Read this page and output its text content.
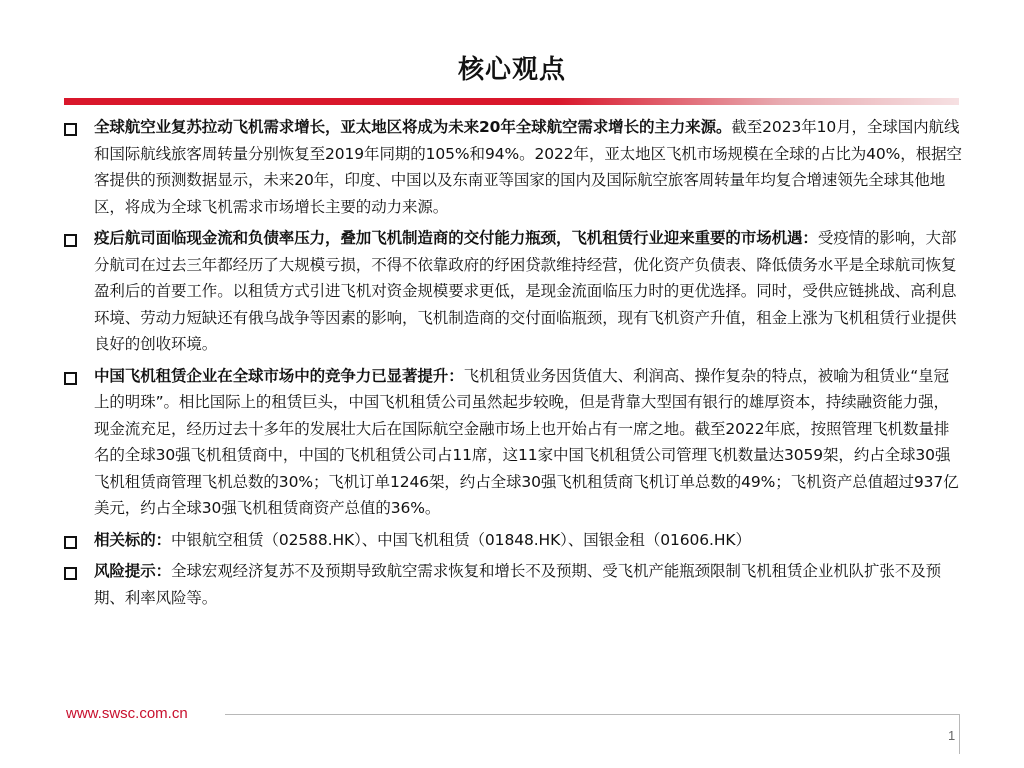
核心观点

全球航空业复苏拉动飞机需求增长，亚太地区将成为未来20年全球航空需求增长的主力来源。截至2023年10月，全球国内航线和国际航线旅客周转量分别恢复至2019年同期的105%和94%。2022年，亚太地区飞机市场规模在全球的占比为40%，根据空客提供的预测数据显示，未来20年，印度、中国以及东南亚等国家的国内及国际航空旅客周转量年均复合增速领先全球其他地区，将成为全球飞机需求市场增长主要的动力来源。

疫后航司面临现金流和负债率压力，叠加飞机制造商的交付能力瓶颈，飞机租赁行业迎来重要的市场机遇：受疫情的影响，大部分航司在过去三年都经历了大规模亏损，不得不依靠政府的纾困贷款维持经营，优化资产负债表、降低债务水平是全球航司恢复盈利后的首要工作。以租赁方式引进飞机对资金规模要求更低，是现金流面临压力时的更优选择。同时，受供应链挑战、高利息环境、劳动力短缺还有俄乌战争等因素的影响，飞机制造商的交付面临瓶颈，现有飞机资产升值，租金上涨为飞机租赁行业提供良好的创收环境。

中国飞机租赁企业在全球市场中的竞争力已显著提升：飞机租赁业务因货值大、利润高、操作复杂的特点，被喻为租赁业“皇冠上的明珠”。相比国际上的租赁巨头，中国飞机租赁公司虽然起步较晚，但是背靠大型国有银行的雄厚资本，持续融资能力强，现金流充足，经历过去十多年的发展壮大后在国际航空金融市场上也开始占有一席之地。截至2022年底，按照管理飞机数量排名的全球30强飞机租赁商中，中国的飞机租赁公司占11席，这11家中国飞机租赁公司管理飞机数量达3059架，约占全球30强飞机租赁商管理飞机总数的30%；飞机订单1246架，约占全球30强飞机租赁商飞机订单总数的49%；飞机资产总值超过937亿美元，约占全球30强飞机租赁商资产总值的36%。

相关标的：中银航空租赁（02588.HK）、中国飞机租赁（01848.HK）、国银金租（01606.HK）

风险提示：全球宏观经济复苏不及预期导致航空需求恢复和增长不及预期、受飞机产能瓶颈限制飞机租赁企业机队扩张不及预期、利率风险等。

www.swsc.com.cn
1
